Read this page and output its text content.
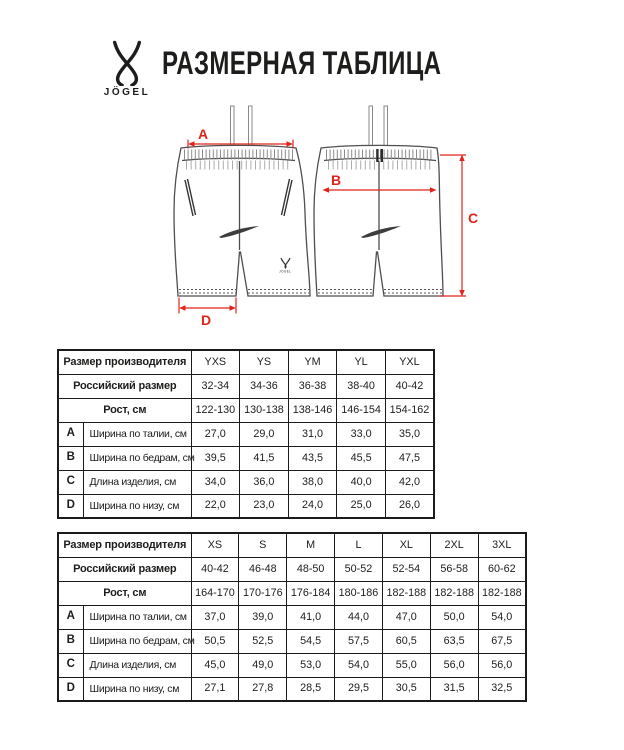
JÖGEL
РАЗМЕРНАЯ ТАБЛИЦА
JÖGEL
A
B
C
D
Размер производителя		YXS	YS	YM	YL	YXL
Российский размер		32-34	34-36	36-38	38-40	40-42
Рост, см		122-130	130-138	138-146	146-154	154-162
A	Ширина по талии, см	27,0	29,0	31,0	33,0	35,0
B	Ширина по бедрам, см	39,5	41,5	43,5	45,5	47,5
C	Длина изделия, см	34,0	36,0	38,0	40,0	42,0
D	Ширина по низу, см	22,0	23,0	24,0	25,0	26,0
Размер производителя		XS	S	M	L	XL	2XL	3XL
Российский размер		40-42	46-48	48-50	50-52	52-54	56-58	60-62
Рост, см		164-170	170-176	176-184	180-186	182-188	182-188	182-188
A	Ширина по талии, см	37,0	39,0	41,0	44,0	47,0	50,0	54,0
B	Ширина по бедрам, см	50,5	52,5	54,5	57,5	60,5	63,5	67,5
C	Длина изделия, см	45,0	49,0	53,0	54,0	55,0	56,0	56,0
D	Ширина по низу, см	27,1	27,8	28,5	29,5	30,5	31,5	32,5
